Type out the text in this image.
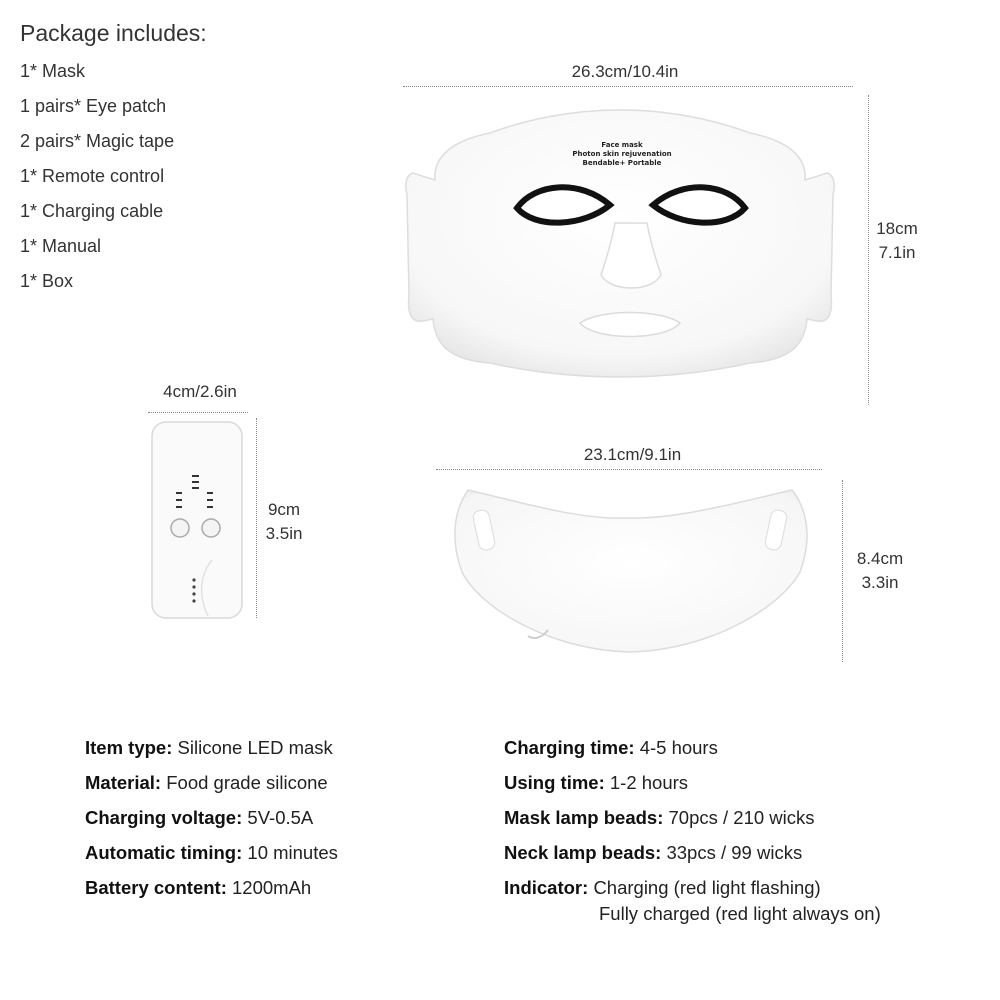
Package includes:
1* Mask
1 pairs* Eye patch
2 pairs* Magic tape
1* Remote control
1* Charging cable
1* Manual
1* Box
26.3cm/10.4in
18cm
7.1in
Face mask
Photon skin rejuvenation
Bendable+ Portable
4cm/2.6in
9cm
3.5in
23.1cm/9.1in
8.4cm
3.3in
Item type: Silicone LED mask
Material: Food grade silicone
Charging voltage: 5V-0.5A
Automatic timing: 10 minutes
Battery content: 1200mAh
Charging time: 4-5 hours
Using time: 1-2 hours
Mask lamp beads: 70pcs / 210 wicks
Neck lamp beads: 33pcs / 99 wicks
Indicator: Charging (red light flashing)
Fully charged (red light always on)
